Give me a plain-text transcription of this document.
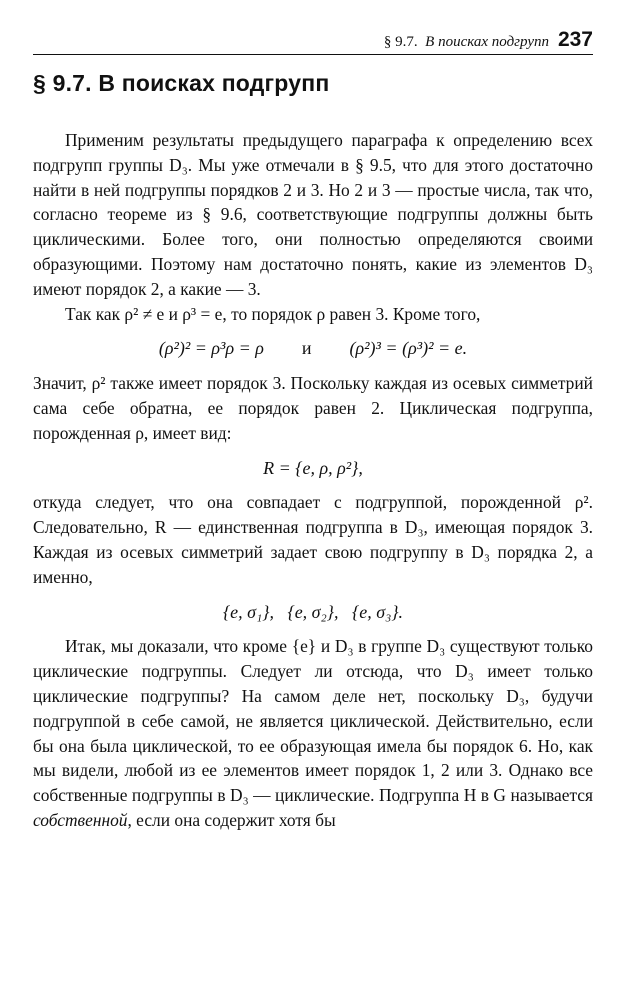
§ 9.7. В поисках подгрупп 237
§ 9.7. В поисках подгрупп

Применим результаты предыдущего параграфа к определению всех подгрупп группы D₃. Мы уже отмечали в § 9.5, что для этого достаточно найти в ней подгруппы порядков 2 и 3. Но 2 и 3 — простые числа, так что, согласно теореме из § 9.6, соответствующие подгруппы должны быть циклическими. Более того, они полностью определяются своими образующими. Поэтому нам достаточно понять, какие из элементов D₃ имеют порядок 2, а какие — 3.

Так как ρ² ≠ e и ρ³ = e, то порядок ρ равен 3. Кроме того,

(ρ²)² = ρ³ρ = ρ и (ρ²)³ = (ρ³)² = e.

Значит, ρ² также имеет порядок 3. Поскольку каждая из осевых симметрий сама себе обратна, ее порядок равен 2. Циклическая подгруппа, порожденная ρ, имеет вид:

R = {e, ρ, ρ²},

откуда следует, что она совпадает с подгруппой, порожденной ρ². Следовательно, R — единственная подгруппа в D₃, имеющая порядок 3. Каждая из осевых симметрий задает свою подгруппу в D₃ порядка 2, а именно,

{e, σ₁},   {e, σ₂},   {e, σ₃}.

Итак, мы доказали, что кроме {e} и D₃ в группе D₃ существуют только циклические подгруппы. Следует ли отсюда, что D₃ имеет только циклические подгруппы? На самом деле нет, поскольку D₃, будучи подгруппой в себе самой, не является циклической. Действительно, если бы она была циклической, то ее образующая имела бы порядок 6. Но, как мы видели, любой из ее элементов имеет порядок 1, 2 или 3. Однако все собственные подгруппы в D₃ — циклические. Подгруппа H в G называется собственной, если она содержит хотя бы
